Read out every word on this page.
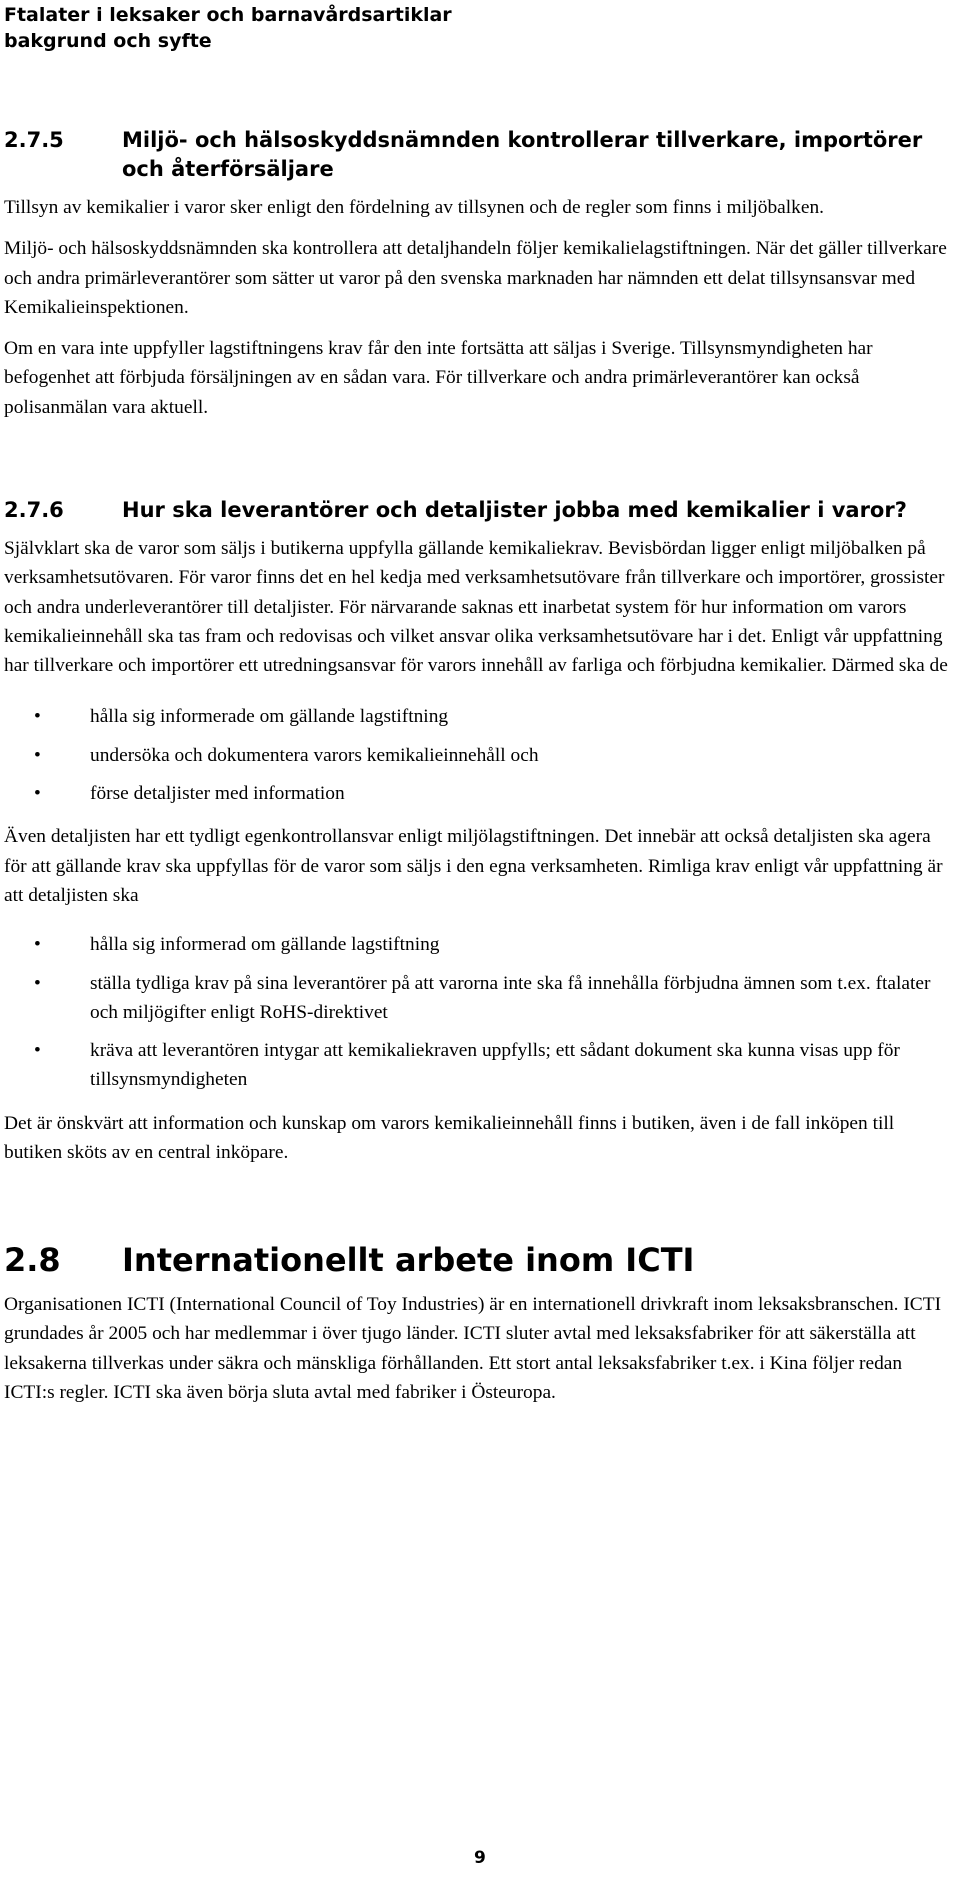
Ftalater i leksaker och barnavårdsartiklar
bakgrund och syfte
2.7.5	Miljö- och hälsoskyddsnämnden kontrollerar tillverkare, importörer och återförsäljare

Tillsyn av kemikalier i varor sker enligt den fördelning av tillsynen och de regler som finns i miljöbalken.

Miljö- och hälsoskyddsnämnden ska kontrollera att detaljhandeln följer kemikalielagstiftningen. När det gäller tillverkare och andra primärleverantörer som sätter ut varor på den svenska marknaden har nämnden ett delat tillsynsansvar med Kemikalieinspektionen.

Om en vara inte uppfyller lagstiftningens krav får den inte fortsätta att säljas i Sverige. Tillsynsmyndigheten har befogenhet att förbjuda försäljningen av en sådan vara. För tillverkare och andra primärleverantörer kan också polisanmälan vara aktuell.

2.7.6	Hur ska leverantörer och detaljister jobba med kemikalier i varor?

Självklart ska de varor som säljs i butikerna uppfylla gällande kemikaliekrav. Bevisbördan ligger enligt miljöbalken på verksamhetsutövaren. För varor finns det en hel kedja med verksamhetsutövare från tillverkare och importörer, grossister och andra underleverantörer till detaljister. För närvarande saknas ett inarbetat system för hur information om varors kemikalieinnehåll ska tas fram och redovisas och vilket ansvar olika verksamhetsutövare har i det. Enligt vår uppfattning har tillverkare och importörer ett utredningsansvar för varors innehåll av farliga och förbjudna kemikalier. Därmed ska de

•	hålla sig informerade om gällande lagstiftning
•	undersöka och dokumentera varors kemikalieinnehåll och
•	förse detaljister med information

Även detaljisten har ett tydligt egenkontrollansvar enligt miljölagstiftningen. Det innebär att också detaljisten ska agera för att gällande krav ska uppfyllas för de varor som säljs i den egna verksamheten. Rimliga krav enligt vår uppfattning är att detaljisten ska

•	hålla sig informerad om gällande lagstiftning
•	ställa tydliga krav på sina leverantörer på att varorna inte ska få innehålla förbjudna ämnen som t.ex. ftalater och miljögifter enligt RoHS-direktivet
•	kräva att leverantören intygar att kemikaliekraven uppfylls; ett sådant dokument ska kunna visas upp för tillsynsmyndigheten

Det är önskvärt att information och kunskap om varors kemikalieinnehåll finns i butiken, även i de fall inköpen till butiken sköts av en central inköpare.

2.8 Internationellt arbete inom ICTI

Organisationen ICTI (International Council of Toy Industries) är en internationell drivkraft inom leksaksbranschen. ICTI grundades år 2005 och har medlemmar i över tjugo länder. ICTI sluter avtal med leksaksfabriker för att säkerställa att leksakerna tillverkas under säkra och mänskliga förhållanden. Ett stort antal leksaksfabriker t.ex. i Kina följer redan ICTI:s regler. ICTI ska även börja sluta avtal med fabriker i Östeuropa.

9
